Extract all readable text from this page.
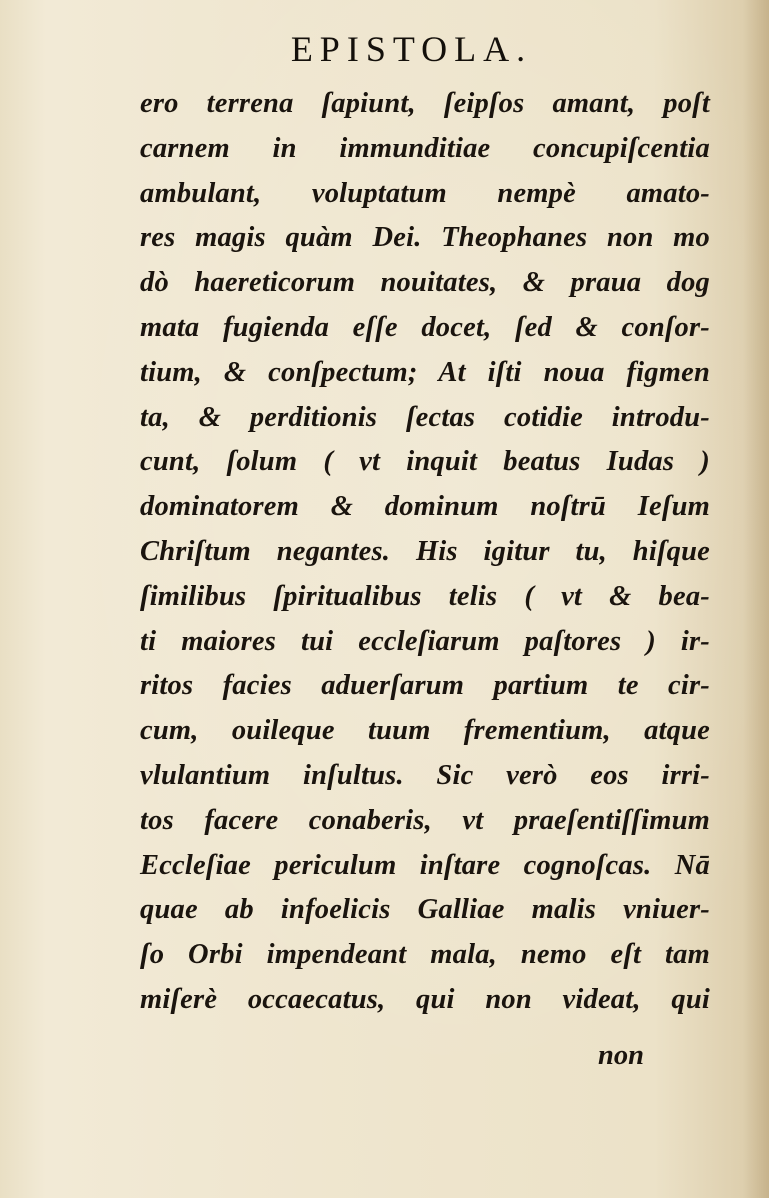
EPISTOLA.
ero terrena ſapiunt, ſeipſos amant, poſt
carnem in immunditiae concupiſcentia
ambulant, voluptatum nempè amato-
res magis quàm Dei. Theophanes non mo
dò haereticorum nouitates, & praua dog
mata fugienda eſſe docet, ſed & conſor-
tium, & conſpectum; At iſti noua figmen
ta, & perditionis ſectas cotidie introdu-
cunt, ſolum ( vt inquit beatus Iudas )
dominatorem & dominum noſtrū Ieſum
Chriſtum negantes. His igitur tu, hiſque
ſimilibus ſpiritualibus telis ( vt & bea-
ti maiores tui eccleſiarum paſtores ) ir-
ritos facies aduerſarum partium te cir-
cum, ouileque tuum frementium, atque
vlulantium inſultus. Sic verò eos irri-
tos facere conaberis, vt praeſentiſſimum
Eccleſiae periculum inſtare cognoſcas. Nā
quae ab infoelicis Galliae malis vniuer-
ſo Orbi impendeant mala, nemo eſt tam
miſerè occaecatus, qui non videat, qui
non
